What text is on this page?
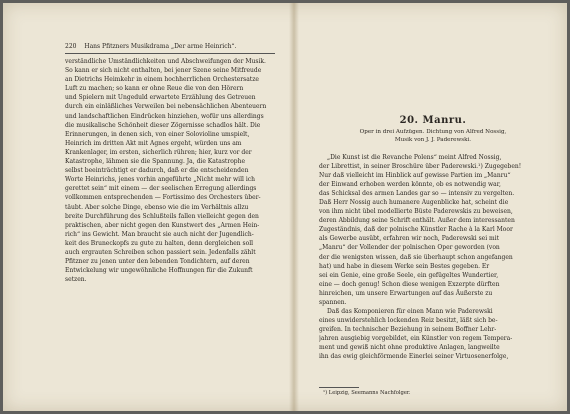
220 Hans Pfitzners Musikdrama „Der arme Heinrich“.

verständliche Umständlichkeiten und Abschweifungen der Musik.
So kann er sich nicht enthalten, bei jener Szene seine Mitfreude
an Dietrichs Heimkehr in einem hochherrlichen Orchestersatze
Luft zu machen; so kann er ohne Reue die von den Hörern
und Spielern mit Ungeduld erwartete Erzählung des Getreuen
durch ein einläßliches Verweilen bei nebensächlichen Abenteuern
und landschaftlichen Eindrücken hinziehen, wofür uns allerdings
die musikalische Schönheit dieser Zögernisse schadlos hält. Die
Erinnerungen, in denen sich, von einer Solovioline umspielt,
Heinrich im dritten Akt mit Agnes ergeht, würden uns am
Krankenlager, im ersten, sicherlich rühren; hier, kurz vor der
Katastrophe, lähmen sie die Spannung. Ja, die Katastrophe
selbst beeinträchtigt er dadurch, daß er die entscheidenden
Worte Heinrichs, jenes vorhin angeführte „Nicht mehr will ich
gerettet sein“ mit einem — der seelischen Erregung allerdings
vollkommen entsprechenden — Fortissimo des Orchesters über-
täubt. Aber solche Dinge, ebenso wie die im Verhältnis allzu
breite Durchführung des Schlußteils fallen vielleicht gegen den
praktischen, aber nicht gegen den Kunstwert des „Armen Hein-
rich“ ins Gewicht. Man braucht sie auch nicht der Jugendlich-
keit des Bruneckopfs zu gute zu halten, denn dergleichen soll
auch ergrauten Schreiben schon passiert sein. Jedenfalls zählt
Pfitzner zu jenen unter den lebenden Tondichtern, auf deren
Entwickelung wir ungewöhnliche Hoffnungen für die Zukunft
setzen.

20. Manru.
Oper in drei Aufzügen. Dichtung von Alfred Nossig,
Musik von J. J. Paderewski.

„Die Kunst ist die Revanche Polens“ meint Alfred Nossig,
der Librettist, in seiner Broschüre über Paderewski.¹) Zugegeben!
Nur daß vielleicht im Hinblick auf gewisse Partien im „Manru“
der Einwand erhoben werden könnte, ob es notwendig war,
das Schicksal des armen Landes gar so — intensiv zu vergelten.
Daß Herr Nossig auch humanere Augenblicke hat, scheint die
von ihm nicht übel modellierte Büste Paderewskis zu beweisen,
deren Abbildung seine Schrift enthält. Außer dem interessanten
Zugeständnis, daß der polnische Künstler Rache à la Karl Moor
als Gewerbe ausübt, erfahren wir noch, Paderewski sei mit
„Manru“ der Vollender der polnischen Oper geworden (von
der die wenigsten wissen, daß sie überhaupt schon angefangen
hat) und habe in diesem Werke sein Bestes gegeben. Er
sei ein Genie, eine große Seele, ein gefügeltes Wundertier,
eine — doch genug! Schon diese wenigen Exzerpte dürften
hinreichen, um unsere Erwartungen auf das Äußerste zu
spannen.
Daß das Komponieren für einen Mann wie Paderewski
eines unwiderstehlich lockenden Reiz besitzt, läßt sich be-
greifen. In technischer Beziehung in seinem Boffner Lehr-
jahren ausgiebig vorgebildet, ein Künstler von regem Tempera-
ment und gewiß nicht ohne produktive Anlagen, langweilte
ihn das ewig gleichförmende Einerlei seiner Virtuosenerfolge,

¹) Leipzig, Seemanns Nachfolger.
